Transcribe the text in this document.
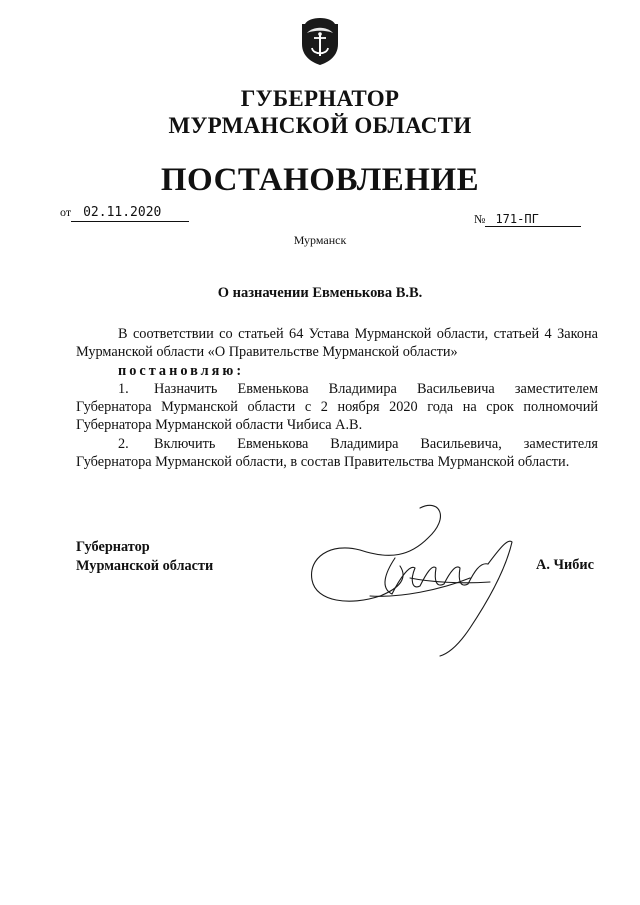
ГУБЕРНАТОР
МУРМАНСКОЙ ОБЛАСТИ
ПОСТАНОВЛЕНИЕ
от 02.11.2020	№ 171-ПГ
Мурманск
О назначении Евменькова В.В.

В соответствии со статьей 64 Устава Мурманской области, статьей 4 Закона Мурманской области «О Правительстве Мурманской области»

постановляю:

1. Назначить Евменькова Владимира Васильевича заместителем Губернатора Мурманской области с 2 ноября 2020 года на срок полномочий Губернатора Мурманской области Чибиса А.В.

2. Включить Евменькова Владимира Васильевича, заместителя Губернатора Мурманской области, в состав Правительства Мурманской области.

Губернатор
Мурманской области	А. Чибис
